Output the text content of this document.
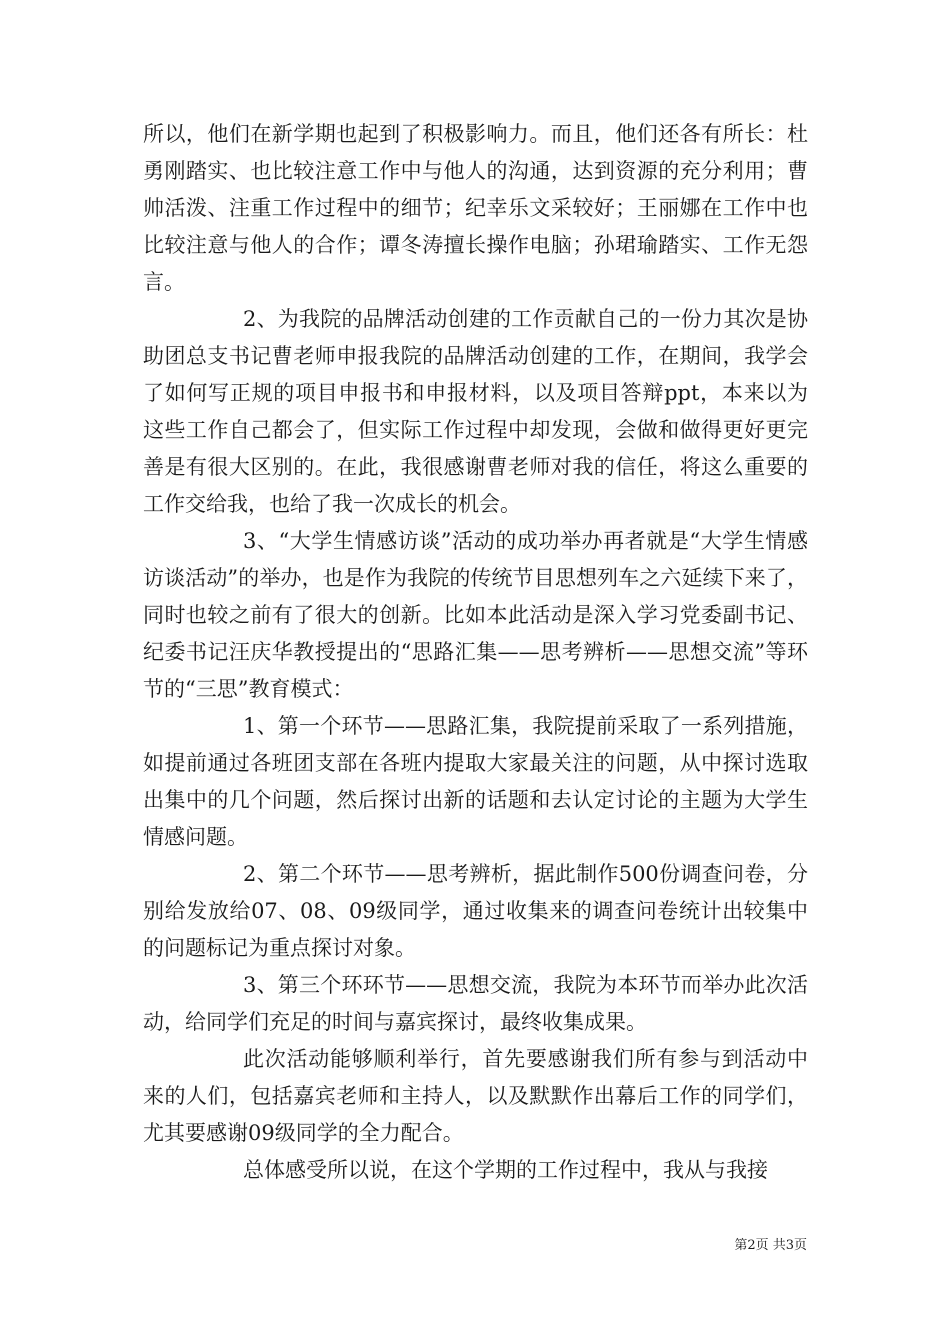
所以，他们在新学期也起到了积极影响力。而且，他们还各有所长：杜勇刚踏实、也比较注意工作中与他人的沟通，达到资源的充分利用；曹帅活泼、注重工作过程中的细节；纪幸乐文采较好；王丽娜在工作中也比较注意与他人的合作；谭冬涛擅长操作电脑；孙珺瑜踏实、工作无怨言。

2、为我院的品牌活动创建的工作贡献自己的一份力其次是协助团总支书记曹老师申报我院的品牌活动创建的工作，在期间，我学会了如何写正规的项目申报书和申报材料，以及项目答辩ppt，本来以为这些工作自己都会了，但实际工作过程中却发现，会做和做得更好更完善是有很大区别的。在此，我很感谢曹老师对我的信任，将这么重要的工作交给我，也给了我一次成长的机会。

3、“大学生情感访谈”活动的成功举办再者就是“大学生情感访谈活动”的举办，也是作为我院的传统节目思想列车之六延续下来了，同时也较之前有了很大的创新。比如本此活动是深入学习党委副书记、纪委书记汪庆华教授提出的“思路汇集——思考辨析——思想交流”等环节的“三思”教育模式：

1、第一个环节——思路汇集，我院提前采取了一系列措施，如提前通过各班团支部在各班内提取大家最关注的问题，从中探讨选取出集中的几个问题，然后探讨出新的话题和去认定讨论的主题为大学生情感问题。

2、第二个环节——思考辨析，据此制作500份调查问卷，分别给发放给07、08、09级同学，通过收集来的调查问卷统计出较集中的问题标记为重点探讨对象。

3、第三个环环节——思想交流，我院为本环节而举办此次活动，给同学们充足的时间与嘉宾探讨，最终收集成果。

此次活动能够顺利举行，首先要感谢我们所有参与到活动中来的人们，包括嘉宾老师和主持人，以及默默作出幕后工作的同学们，尤其要感谢09级同学的全力配合。

总体感受所以说，在这个学期的工作过程中，我从与我接

第2页 共3页
